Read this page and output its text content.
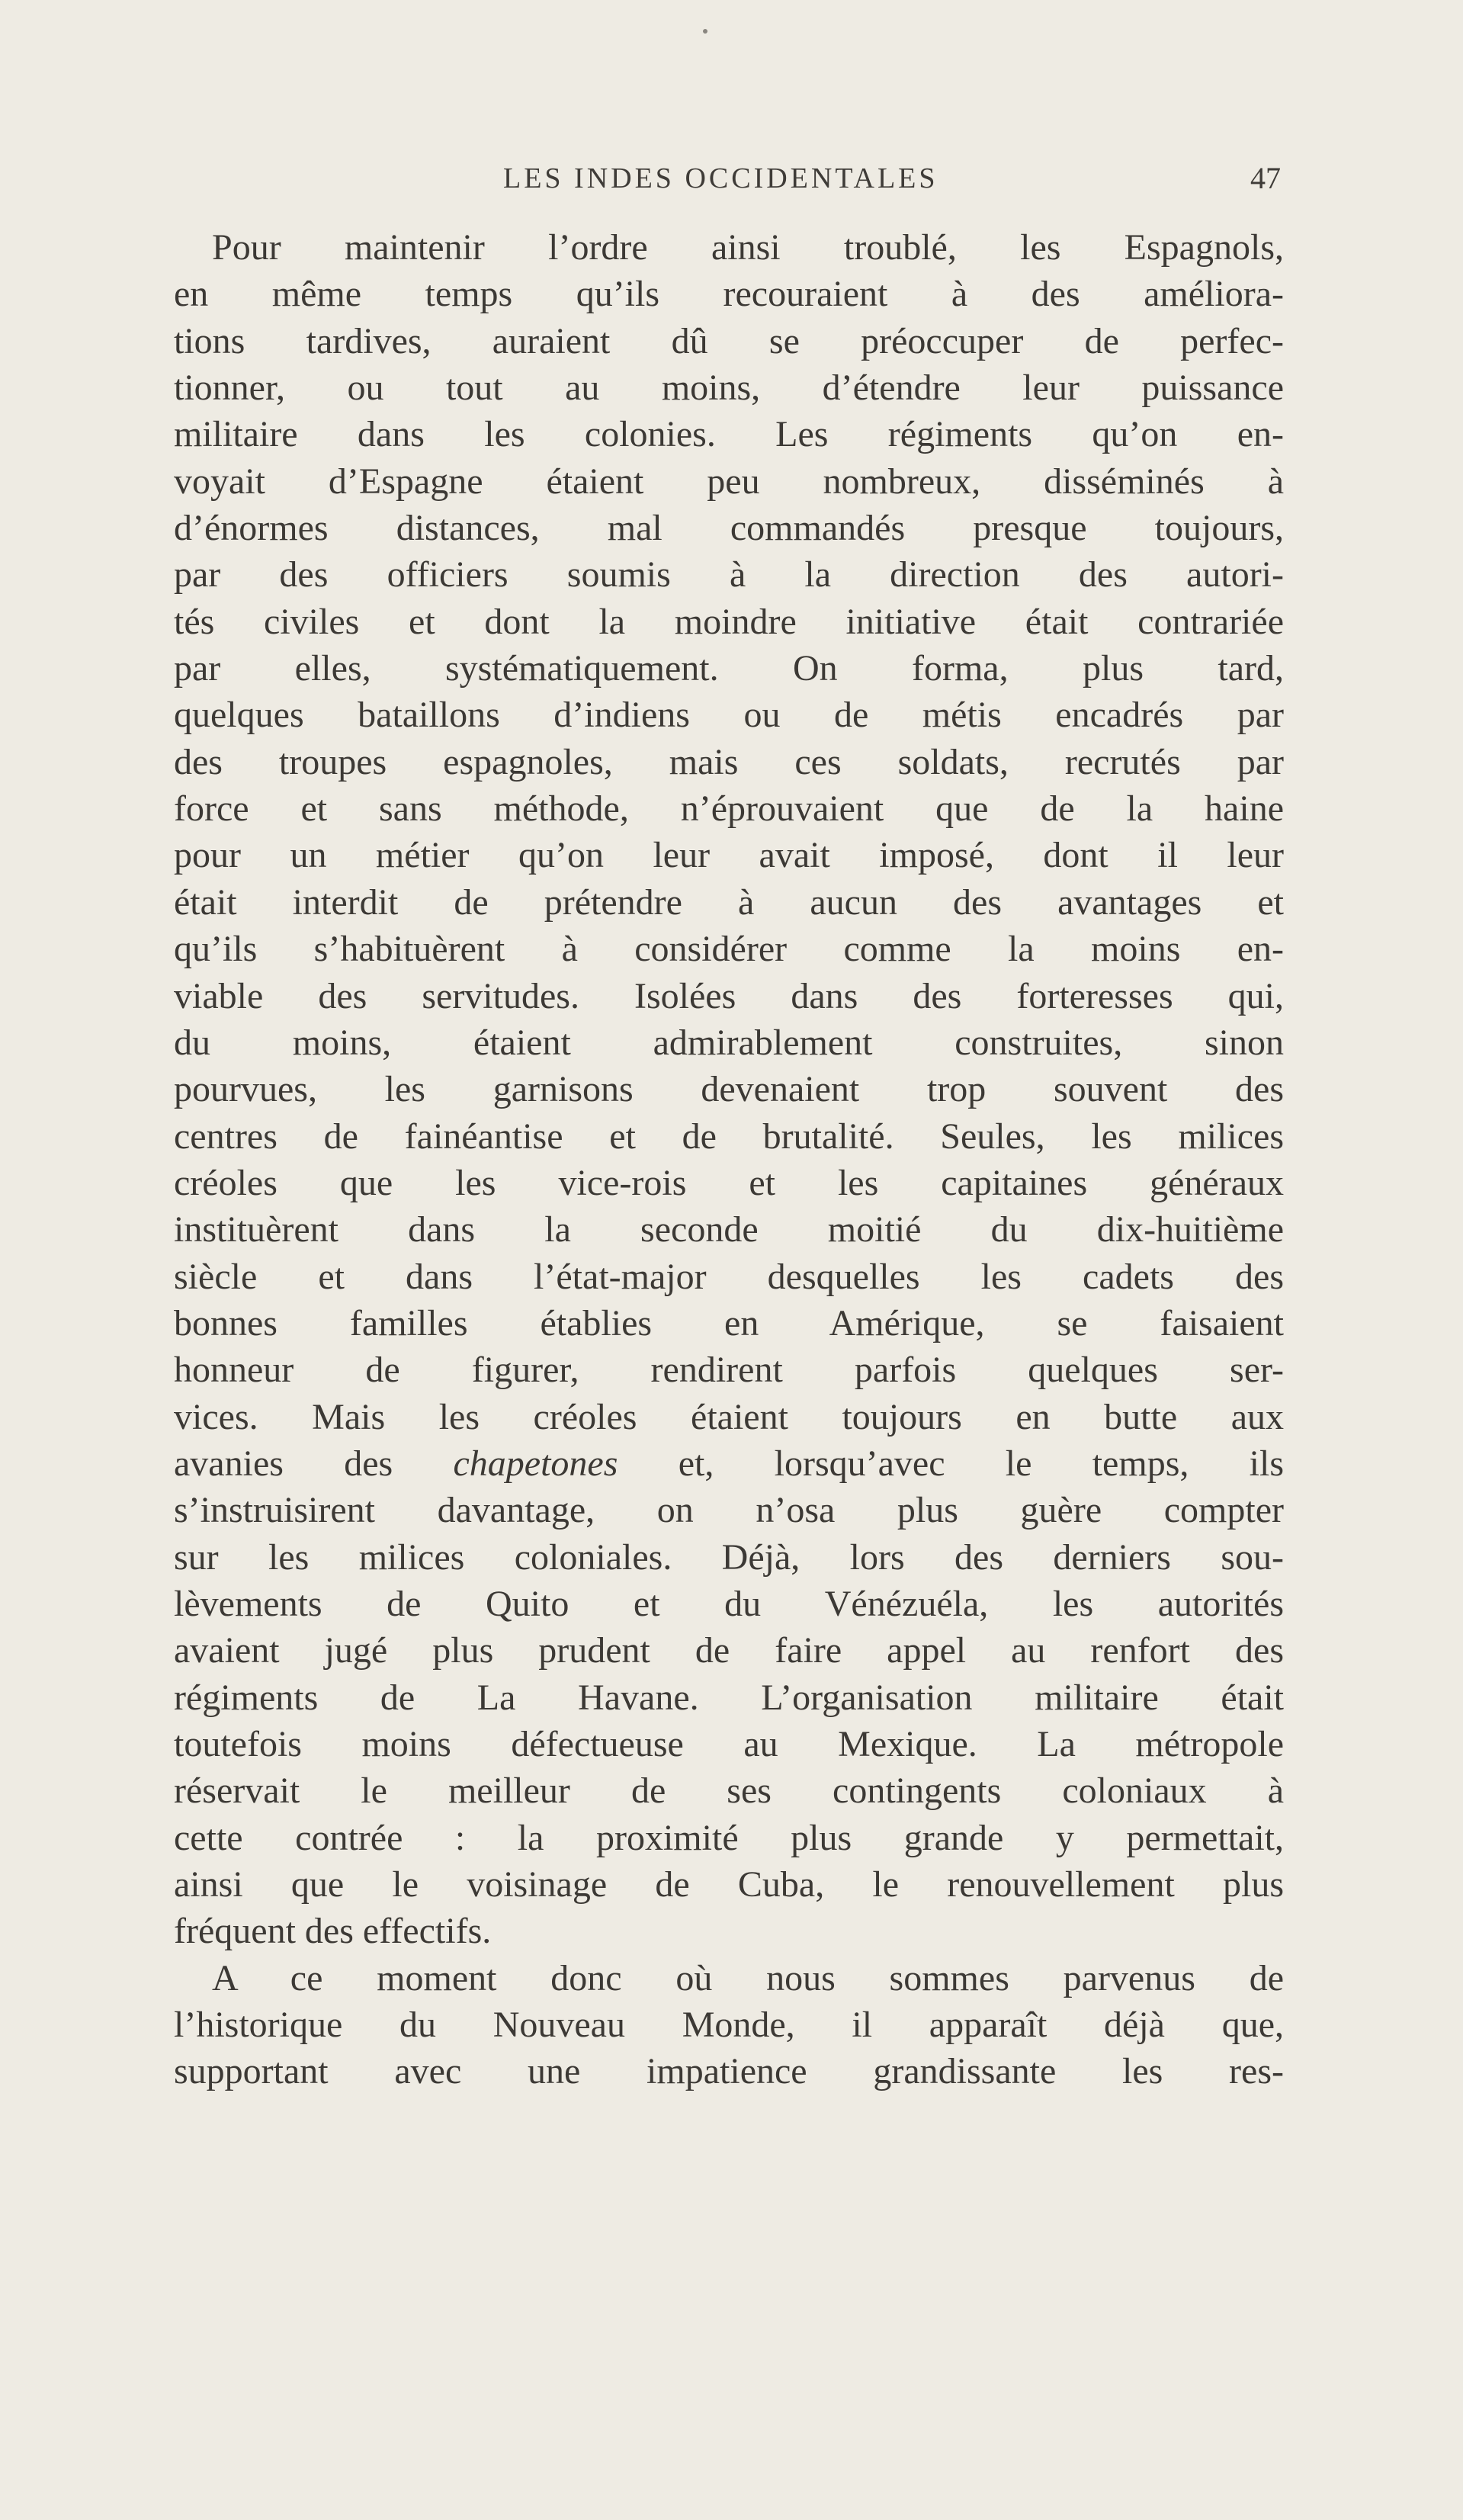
LES INDES OCCIDENTALES	47
Pour maintenir l’ordre ainsi troublé, les Espagnols,
en même temps qu’ils recouraient à des améliora-
tions tardives, auraient dû se préoccuper de perfec-
tionner, ou tout au moins, d’étendre leur puissance
militaire dans les colonies. Les régiments qu’on en-
voyait d’Espagne étaient peu nombreux, disséminés à
d’énormes distances, mal commandés presque toujours,
par des officiers soumis à la direction des autori-
tés civiles et dont la moindre initiative était contrariée
par elles, systématiquement. On forma, plus tard,
quelques bataillons d’indiens ou de métis encadrés par
des troupes espagnoles, mais ces soldats, recrutés par
force et sans méthode, n’éprouvaient que de la haine
pour un métier qu’on leur avait imposé, dont il leur
était interdit de prétendre à aucun des avantages et
qu’ils s’habituèrent à considérer comme la moins en-
viable des servitudes. Isolées dans des forteresses qui,
du moins, étaient admirablement construites, sinon
pourvues, les garnisons devenaient trop souvent des
centres de fainéantise et de brutalité. Seules, les milices
créoles que les vice-rois et les capitaines généraux
instituèrent dans la seconde moitié du dix-huitième
siècle et dans l’état-major desquelles les cadets des
bonnes familles établies en Amérique, se faisaient
honneur de figurer, rendirent parfois quelques ser-
vices. Mais les créoles étaient toujours en butte aux
avanies des chapetones et, lorsqu’avec le temps, ils
s’instruisirent davantage, on n’osa plus guère compter
sur les milices coloniales. Déjà, lors des derniers sou-
lèvements de Quito et du Vénézuéla, les autorités
avaient jugé plus prudent de faire appel au renfort des
régiments de La Havane. L’organisation militaire était
toutefois moins défectueuse au Mexique. La métropole
réservait le meilleur de ses contingents coloniaux à
cette contrée : la proximité plus grande y permettait,
ainsi que le voisinage de Cuba, le renouvellement plus
fréquent des effectifs.
A ce moment donc où nous sommes parvenus de
l’historique du Nouveau Monde, il apparaît déjà que,
supportant avec une impatience grandissante les res-
